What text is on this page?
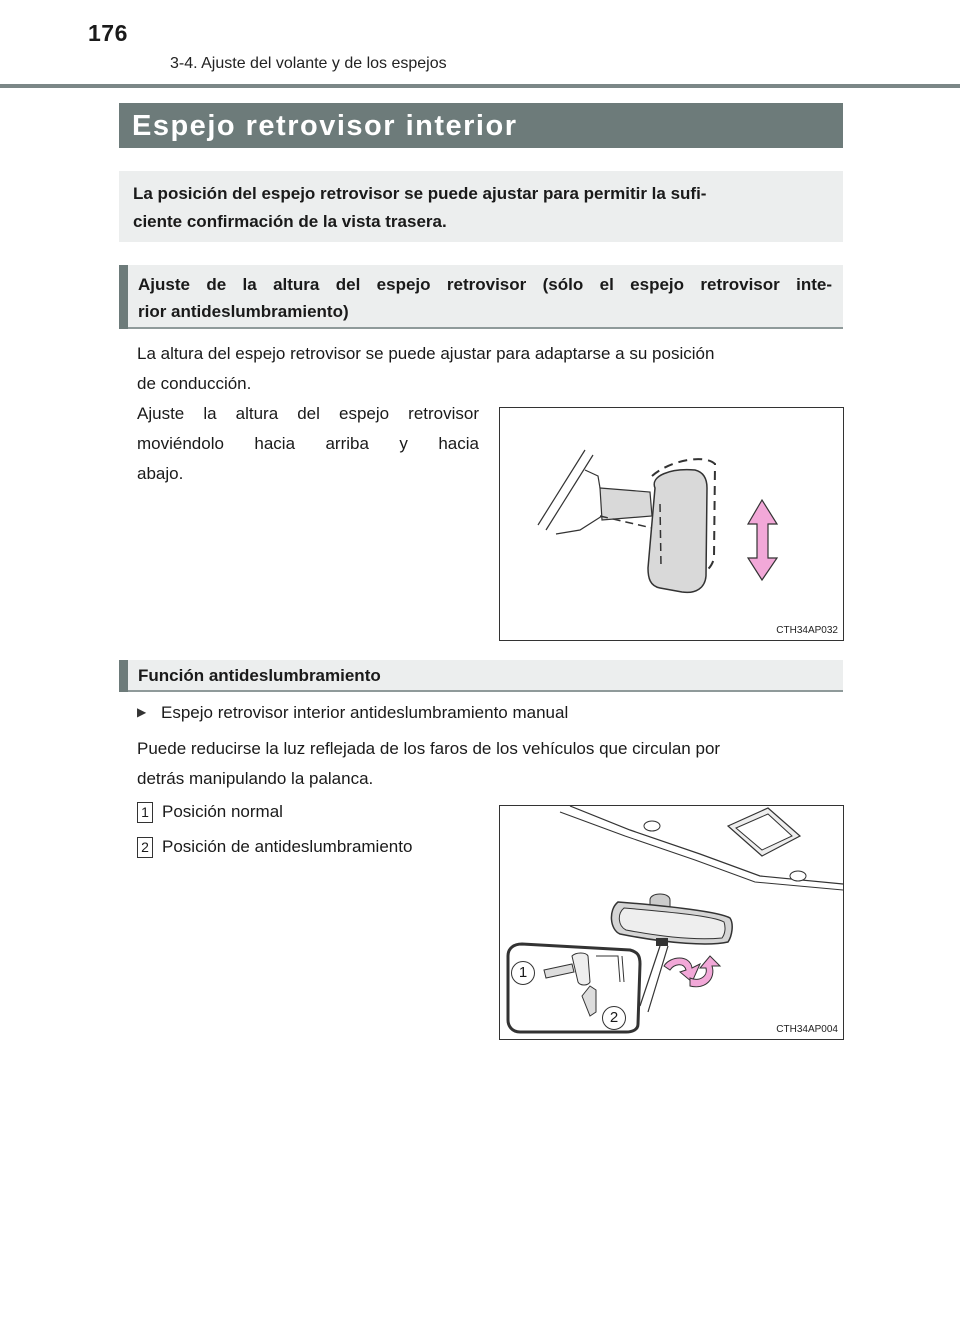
176
3-4. Ajuste del volante y de los espejos
Espejo retrovisor interior
La posición del espejo retrovisor se puede ajustar para permitir la sufi-
ciente confirmación de la vista trasera.
Ajuste de la altura del espejo retrovisor (sólo el espejo retrovisor inte-
rior antideslumbramiento)
La altura del espejo retrovisor se puede ajustar para adaptarse a su posición
de conducción.
Ajuste la altura del espejo retrovisor
moviéndolo hacia arriba y hacia
abajo.
CTH34AP032
Función antideslumbramiento
▶ Espejo retrovisor interior antideslumbramiento manual
Puede reducirse la luz reflejada de los faros de los vehículos que circulan por
detrás manipulando la palanca.
1 Posición normal
2 Posición de antideslumbramiento
1
2
CTH34AP004
